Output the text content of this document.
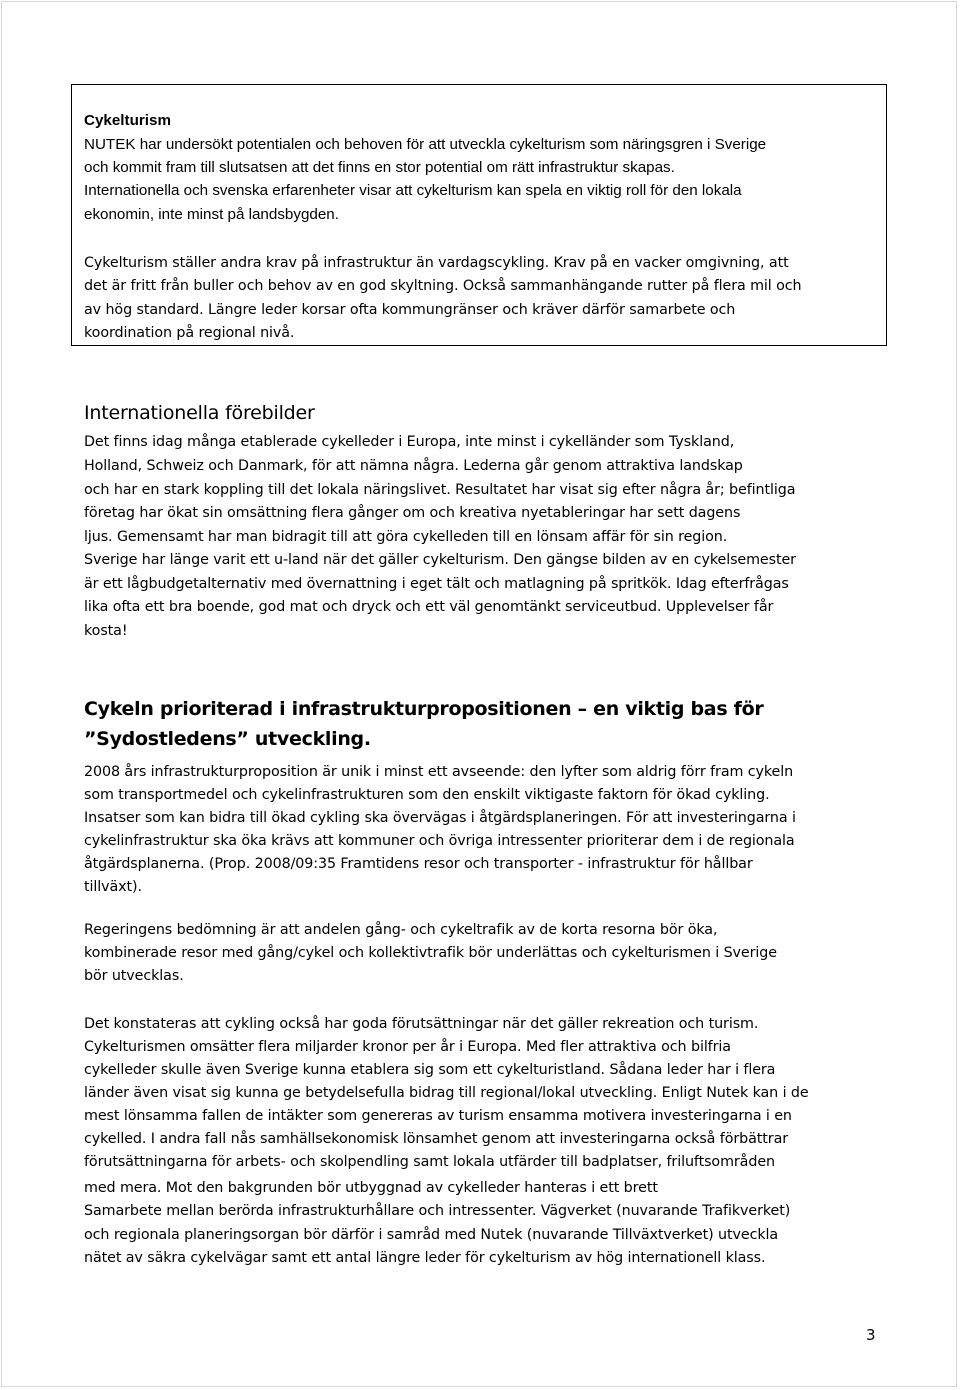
Cykelturism
NUTEK har undersökt potentialen och behoven för att utveckla cykelturism som näringsgren i Sverige
och kommit fram till slutsatsen att det finns en stor potential om rätt infrastruktur skapas.
Internationella och svenska erfarenheter visar att cykelturism kan spela en viktig roll för den lokala
ekonomin, inte minst på landsbygden.
Cykelturism ställer andra krav på infrastruktur än vardagscykling. Krav på en vacker omgivning, att
det är fritt från buller och behov av en god skyltning. Också sammanhängande rutter på flera mil och
av hög standard. Längre leder korsar ofta kommungränser och kräver därför samarbete och
koordination på regional nivå.
Internationella förebilder
Det finns idag många etablerade cykelleder i Europa, inte minst i cykelländer som Tyskland,
Holland, Schweiz och Danmark, för att nämna några. Lederna går genom attraktiva landskap
och har en stark koppling till det lokala näringslivet. Resultatet har visat sig efter några år; befintliga
företag har ökat sin omsättning flera gånger om och kreativa nyetableringar har sett dagens
ljus. Gemensamt har man bidragit till att göra cykelleden till en lönsam affär för sin region.
Sverige har länge varit ett u-land när det gäller cykelturism. Den gängse bilden av en cykelsemester
är ett lågbudgetalternativ med övernattning i eget tält och matlagning på spritkök. Idag efterfrågas
lika ofta ett bra boende, god mat och dryck och ett väl genomtänkt serviceutbud. Upplevelser får
kosta!
Cykeln prioriterad i infrastrukturpropositionen – en viktig bas för
”Sydostledens” utveckling.
2008 års infrastrukturproposition är unik i minst ett avseende: den lyfter som aldrig förr fram cykeln
som transportmedel och cykelinfrastrukturen som den enskilt viktigaste faktorn för ökad cykling.
Insatser som kan bidra till ökad cykling ska övervägas i åtgärdsplaneringen. För att investeringarna i
cykelinfrastruktur ska öka krävs att kommuner och övriga intressenter prioriterar dem i de regionala
åtgärdsplanerna. (Prop. 2008/09:35 Framtidens resor och transporter - infrastruktur för hållbar
tillväxt).
Regeringens bedömning är att andelen gång- och cykeltrafik av de korta resorna bör öka,
kombinerade resor med gång/cykel och kollektivtrafik bör underlättas och cykelturismen i Sverige
bör utvecklas.
Det konstateras att cykling också har goda förutsättningar när det gäller rekreation och turism.
Cykelturismen omsätter flera miljarder kronor per år i Europa. Med fler attraktiva och bilfria
cykelleder skulle även Sverige kunna etablera sig som ett cykelturistland. Sådana leder har i flera
länder även visat sig kunna ge betydelsefulla bidrag till regional/lokal utveckling. Enligt Nutek kan i de
mest lönsamma fallen de intäkter som genereras av turism ensamma motivera investeringarna i en
cykelled. I andra fall nås samhällsekonomisk lönsamhet genom att investeringarna också förbättrar
förutsättningarna för arbets- och skolpendling samt lokala utfärder till badplatser, friluftsområden
med mera. Mot den bakgrunden bör utbyggnad av cykelleder hanteras i ett brett
Samarbete mellan berörda infrastrukturhållare och intressenter. Vägverket (nuvarande Trafikverket)
och regionala planeringsorgan bör därför i samråd med Nutek (nuvarande Tillväxtverket) utveckla
nätet av säkra cykelvägar samt ett antal längre leder för cykelturism av hög internationell klass.
3
